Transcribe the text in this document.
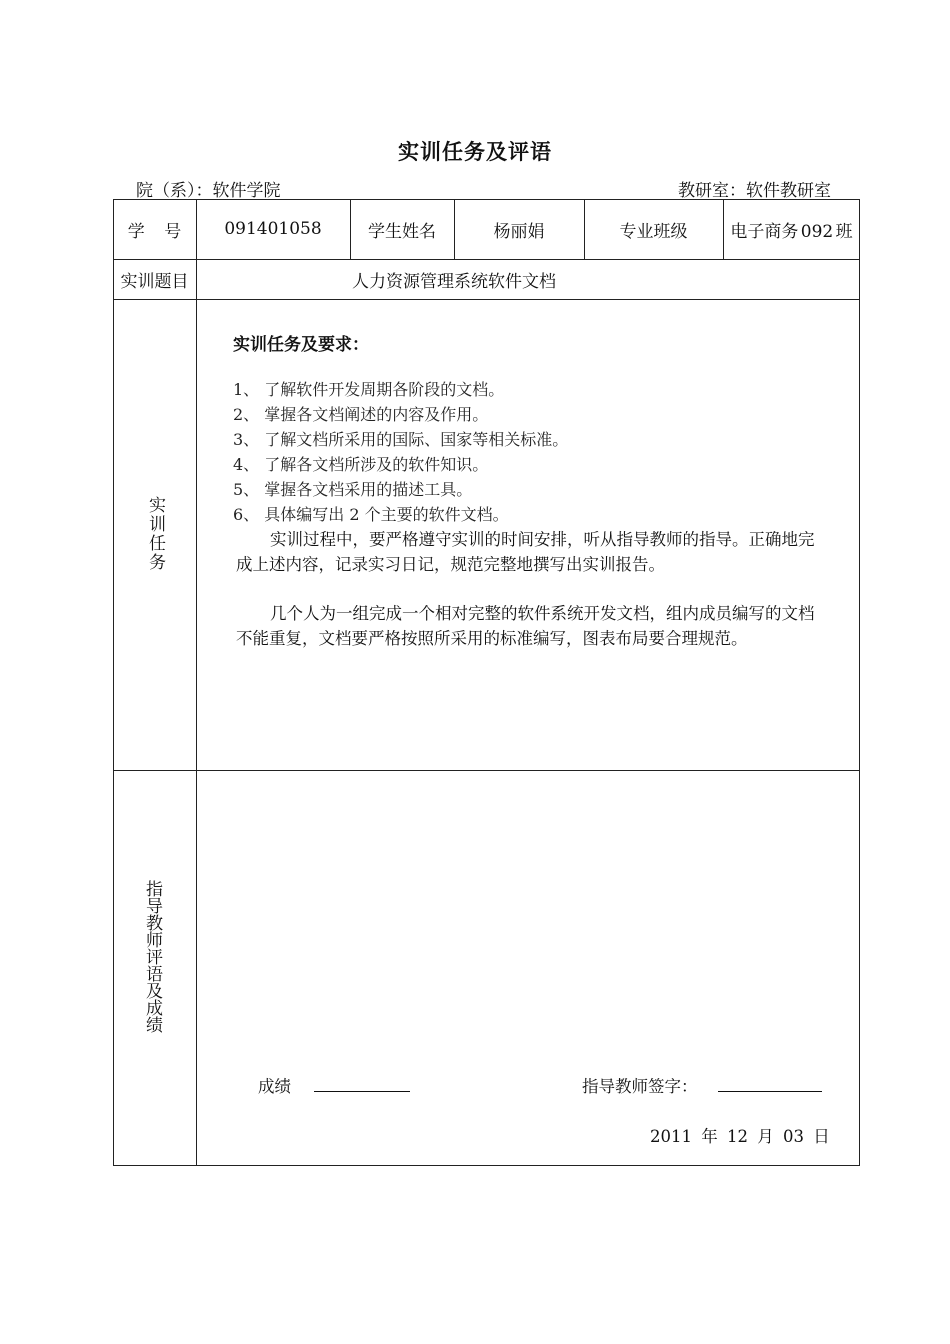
实训任务及评语
院（系）：软件学院	教研室：软件教研室
学 号	091401058	学生姓名	杨丽娟	专业班级	电子商务 092 班
实训题目	人力资源管理系统软件文档
实训任务
实训任务及要求：
1、 了解软件开发周期各阶段的文档。
2、 掌握各文档阐述的内容及作用。
3、 了解文档所采用的国际、国家等相关标准。
4、 了解各文档所涉及的软件知识。
5、 掌握各文档采用的描述工具。
6、 具体编写出 2 个主要的软件文档。
实训过程中，要严格遵守实训的时间安排，听从指导教师的指导。正确地完成上述内容，记录实习日记，规范完整地撰写出实训报告。
几个人为一组完成一个相对完整的软件系统开发文档，组内成员编写的文档不能重复，文档要严格按照所采用的标准编写，图表布局要合理规范。
指导教师评语及成绩
成绩	指导教师签字：
2011 年 12 月 03 日
